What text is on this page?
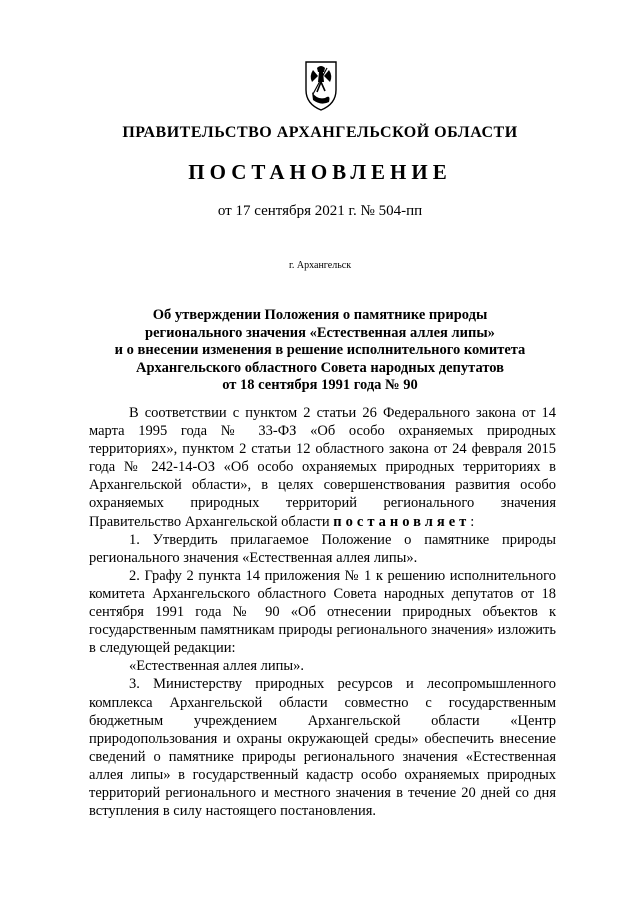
ПРАВИТЕЛЬСТВО АРХАНГЕЛЬСКОЙ ОБЛАСТИ
ПОСТАНОВЛЕНИЕ
от 17 сентября 2021 г. № 504-пп
г. Архангельск
Об утверждении Положения о памятнике природы
регионального значения «Естественная аллея липы»
и о внесении изменения в решение исполнительного комитета
Архангельского областного Совета народных депутатов
от 18 сентября 1991 года № 90

В соответствии с пунктом 2 статьи 26 Федерального закона от 14 марта 1995 года № 33-ФЗ «Об особо охраняемых природных территориях», пунктом 2 статьи 12 областного закона от 24 февраля 2015 года № 242-14-ОЗ «Об особо охраняемых природных территориях в Архангельской области», в целях совершенствования развития особо охраняемых природных территорий регионального значения Правительство Архангельской области постановляет:

1. Утвердить прилагаемое Положение о памятнике природы регионального значения «Естественная аллея липы».

2. Графу 2 пункта 14 приложения № 1 к решению исполнительного комитета Архангельского областного Совета народных депутатов от 18 сентября 1991 года № 90 «Об отнесении природных объектов к государственным памятникам природы регионального значения» изложить в следующей редакции:

«Естественная аллея липы».

3. Министерству природных ресурсов и лесопромышленного комплекса Архангельской области совместно с государственным бюджетным учреждением Архангельской области «Центр природопользования и охраны окружающей среды» обеспечить внесение сведений о памятнике природы регионального значения «Естественная аллея липы» в государственный кадастр особо охраняемых природных территорий регионального и местного значения в течение 20 дней со дня вступления в силу настоящего постановления.
